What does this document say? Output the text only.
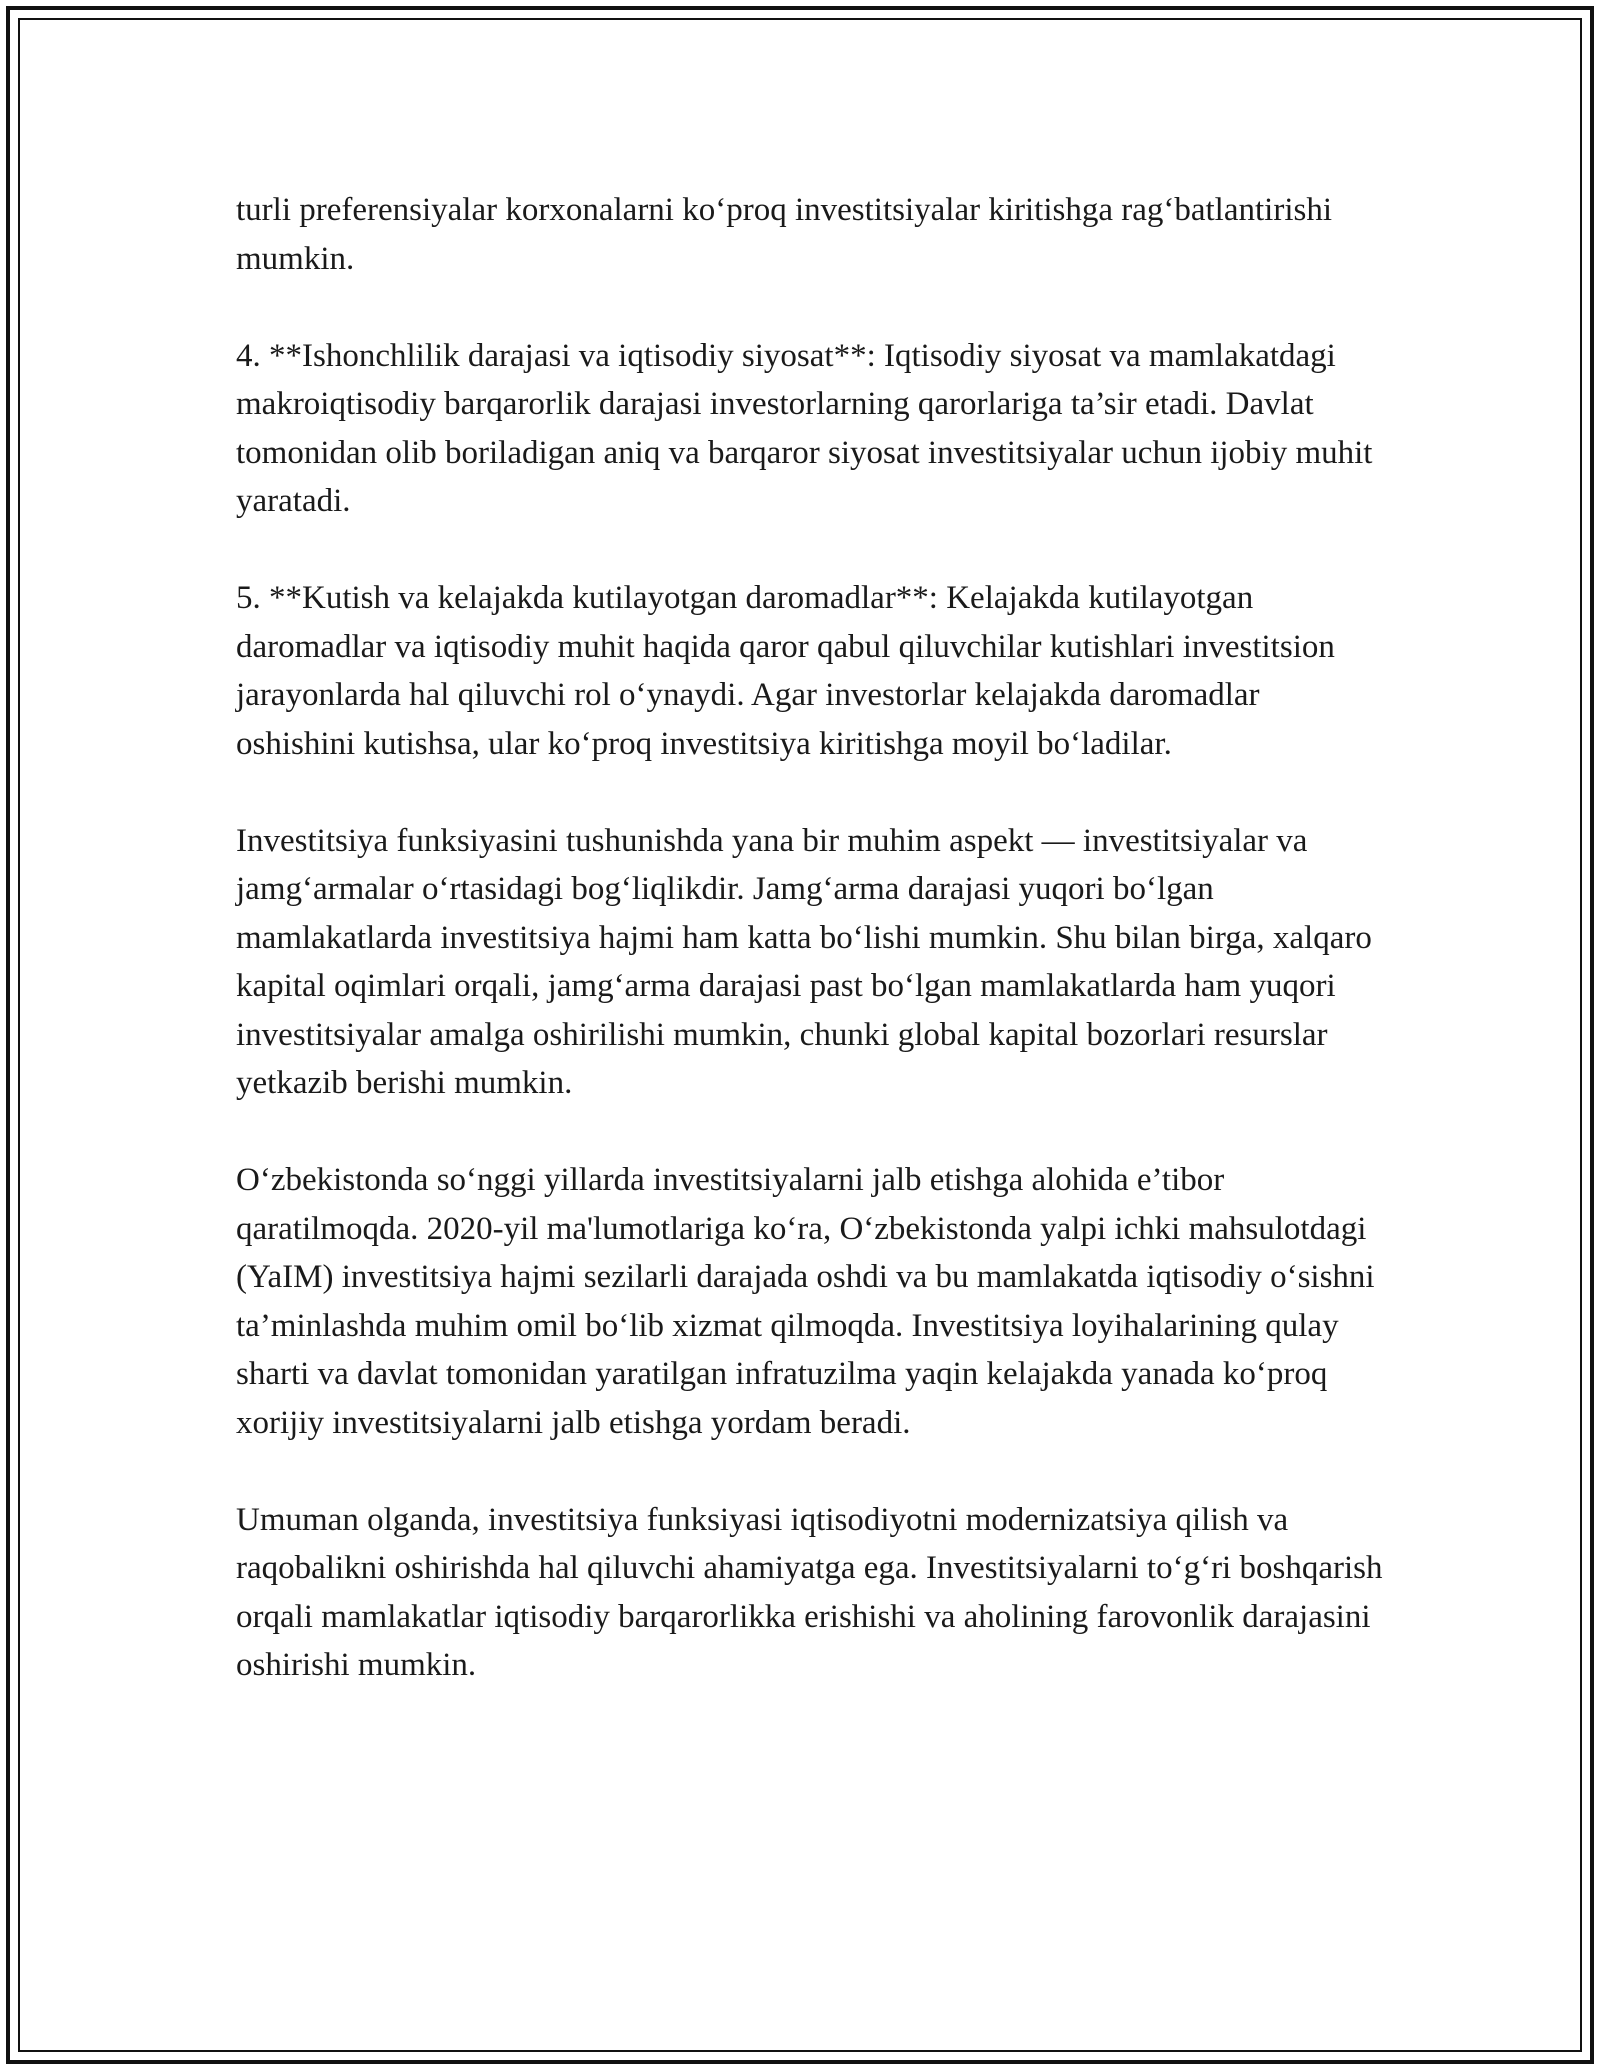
turli preferensiyalar korxonalarni ko‘proq investitsiyalar kiritishga rag‘batlantirishi mumkin.

4. **Ishonchlilik darajasi va iqtisodiy siyosat**: Iqtisodiy siyosat va mamlakatdagi makroiqtisodiy barqarorlik darajasi investorlarning qarorlariga ta’sir etadi. Davlat tomonidan olib boriladigan aniq va barqaror siyosat investitsiyalar uchun ijobiy muhit yaratadi.

5. **Kutish va kelajakda kutilayotgan daromadlar**: Kelajakda kutilayotgan daromadlar va iqtisodiy muhit haqida qaror qabul qiluvchilar kutishlari investitsion jarayonlarda hal qiluvchi rol o‘ynaydi. Agar investorlar kelajakda daromadlar oshishini kutishsa, ular ko‘proq investitsiya kiritishga moyil bo‘ladilar.

Investitsiya funksiyasini tushunishda yana bir muhim aspekt — investitsiyalar va jamg‘armalar o‘rtasidagi bog‘liqlikdir. Jamg‘arma darajasi yuqori bo‘lgan mamlakatlarda investitsiya hajmi ham katta bo‘lishi mumkin. Shu bilan birga, xalqaro kapital oqimlari orqali, jamg‘arma darajasi past bo‘lgan mamlakatlarda ham yuqori investitsiyalar amalga oshirilishi mumkin, chunki global kapital bozorlari resurslar yetkazib berishi mumkin.

O‘zbekistonda so‘nggi yillarda investitsiyalarni jalb etishga alohida e’tibor qaratilmoqda. 2020-yil ma'lumotlariga ko‘ra, O‘zbekistonda yalpi ichki mahsulotdagi (YaIM) investitsiya hajmi sezilarli darajada oshdi va bu mamlakatda iqtisodiy o‘sishni ta’minlashda muhim omil bo‘lib xizmat qilmoqda. Investitsiya loyihalarining qulay sharti va davlat tomonidan yaratilgan infratuzilma yaqin kelajakda yanada ko‘proq xorijiy investitsiyalarni jalb etishga yordam beradi.

Umuman olganda, investitsiya funksiyasi iqtisodiyotni modernizatsiya qilish va raqobalikni oshirishda hal qiluvchi ahamiyatga ega. Investitsiyalarni to‘g‘ri boshqarish orqali mamlakatlar iqtisodiy barqarorlikka erishishi va aholining farovonlik darajasini oshirishi mumkin.
